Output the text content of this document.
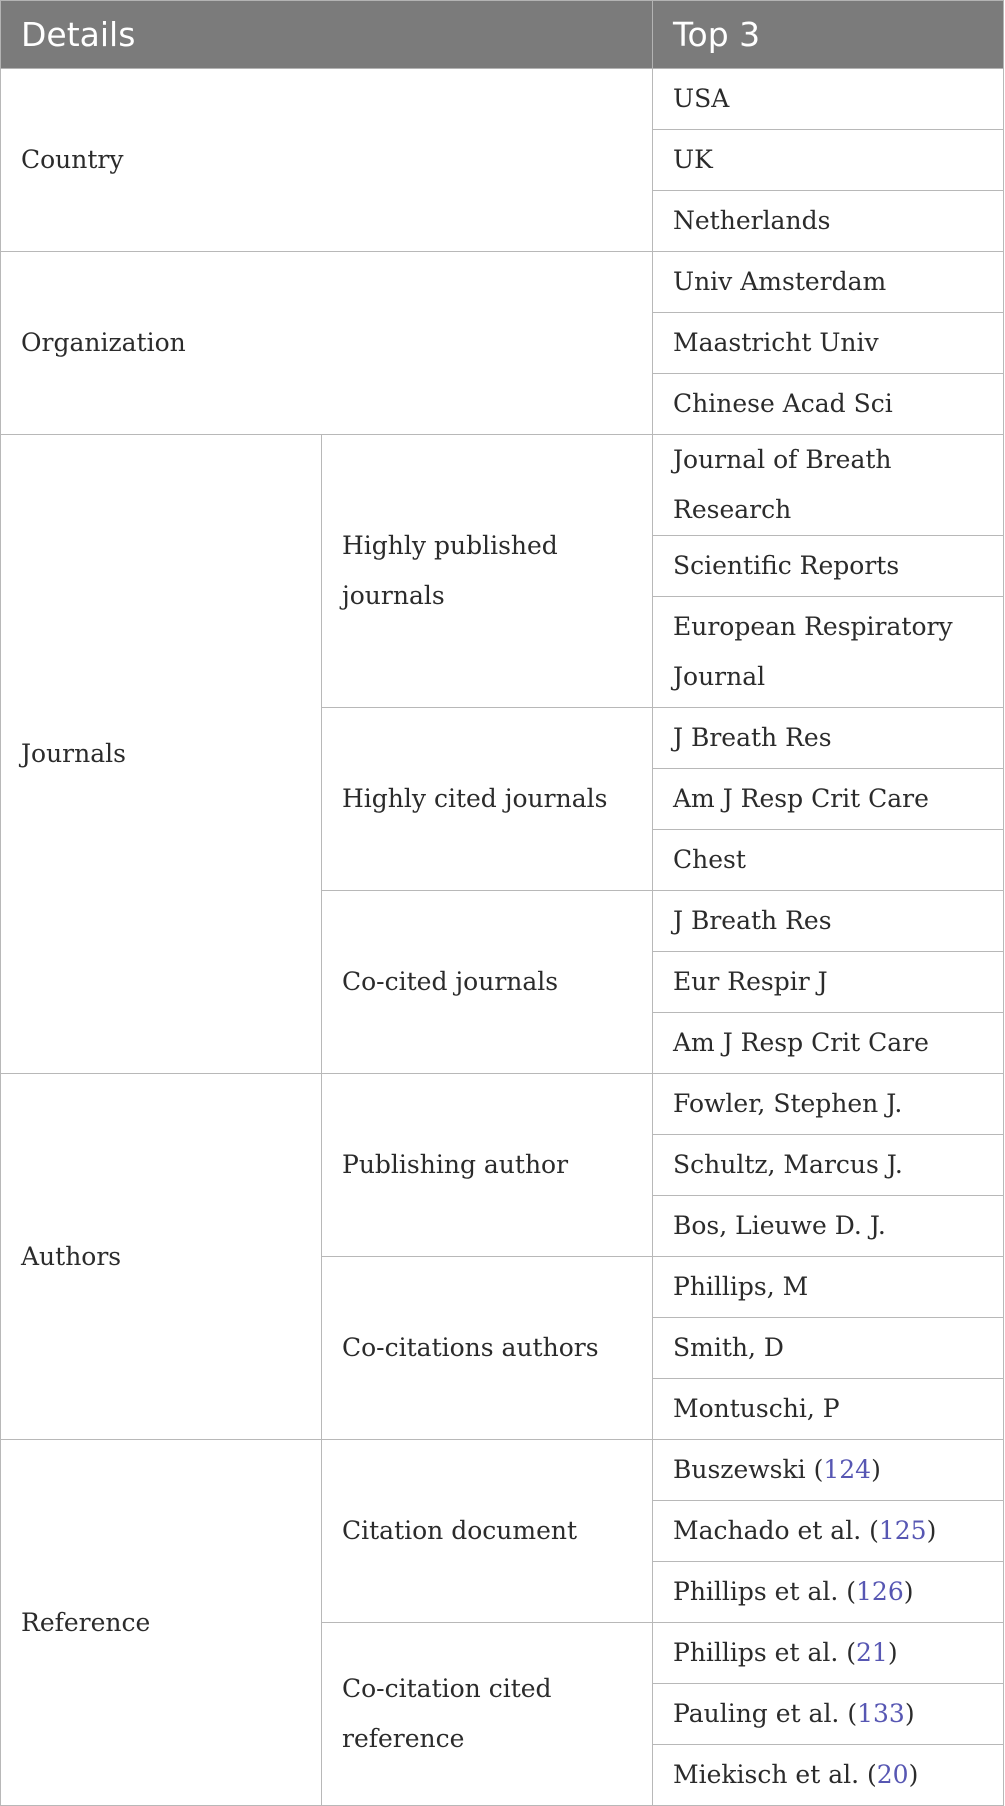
Details		Top 3
Country		USA
		UK
		Netherlands
Organization		Univ Amsterdam
		Maastricht Univ
		Chinese Acad Sci
Journals	Highly published journals	Journal of Breath Research
		Scientific Reports
		European Respiratory Journal
	Highly cited journals	J Breath Res
		Am J Resp Crit Care
		Chest
	Co-cited journals	J Breath Res
		Eur Respir J
		Am J Resp Crit Care
Authors	Publishing author	Fowler, Stephen J.
		Schultz, Marcus J.
		Bos, Lieuwe D. J.
	Co-citations authors	Phillips, M
		Smith, D
		Montuschi, P
Reference	Citation document	Buszewski (124)
		Machado et al. (125)
		Phillips et al. (126)
	Co-citation cited reference	Phillips et al. (21)
		Pauling et al. (133)
		Miekisch et al. (20)
